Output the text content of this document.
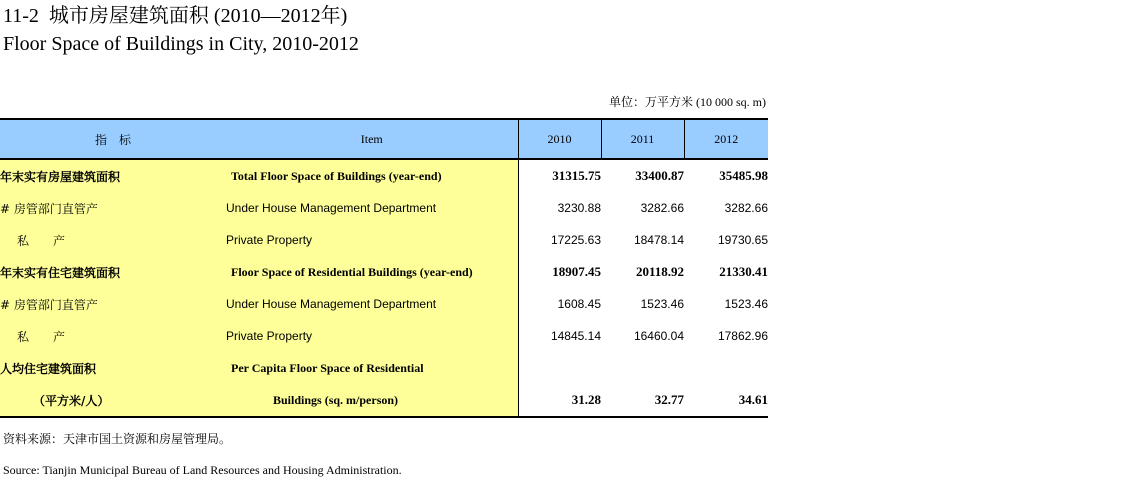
11-2  城市房屋建筑面积 (2010—2012年)
Floor Space of Buildings in City, 2010-2012
单位：万平方米 (10 000 sq. m)
指　标	Item	2010	2011	2012
年末实有房屋建筑面积	Total Floor Space of Buildings (year-end)	31315.75	33400.87	35485.98
# 房管部门直管产	Under House Management Department	3230.88	3282.66	3282.66
私　　产	Private Property	17225.63	18478.14	19730.65
年末实有住宅建筑面积	Floor Space of Residential Buildings (year-end)	18907.45	20118.92	21330.41
# 房管部门直管产	Under House Management Department	1608.45	1523.46	1523.46
私　　产	Private Property	14845.14	16460.04	17862.96
人均住宅建筑面积	Per Capita Floor Space of Residential			
（平方米/人）	Buildings (sq. m/person)	31.28	32.77	34.61
资料来源：天津市国土资源和房屋管理局。
Source: Tianjin Municipal Bureau of Land Resources and Housing Administration.
